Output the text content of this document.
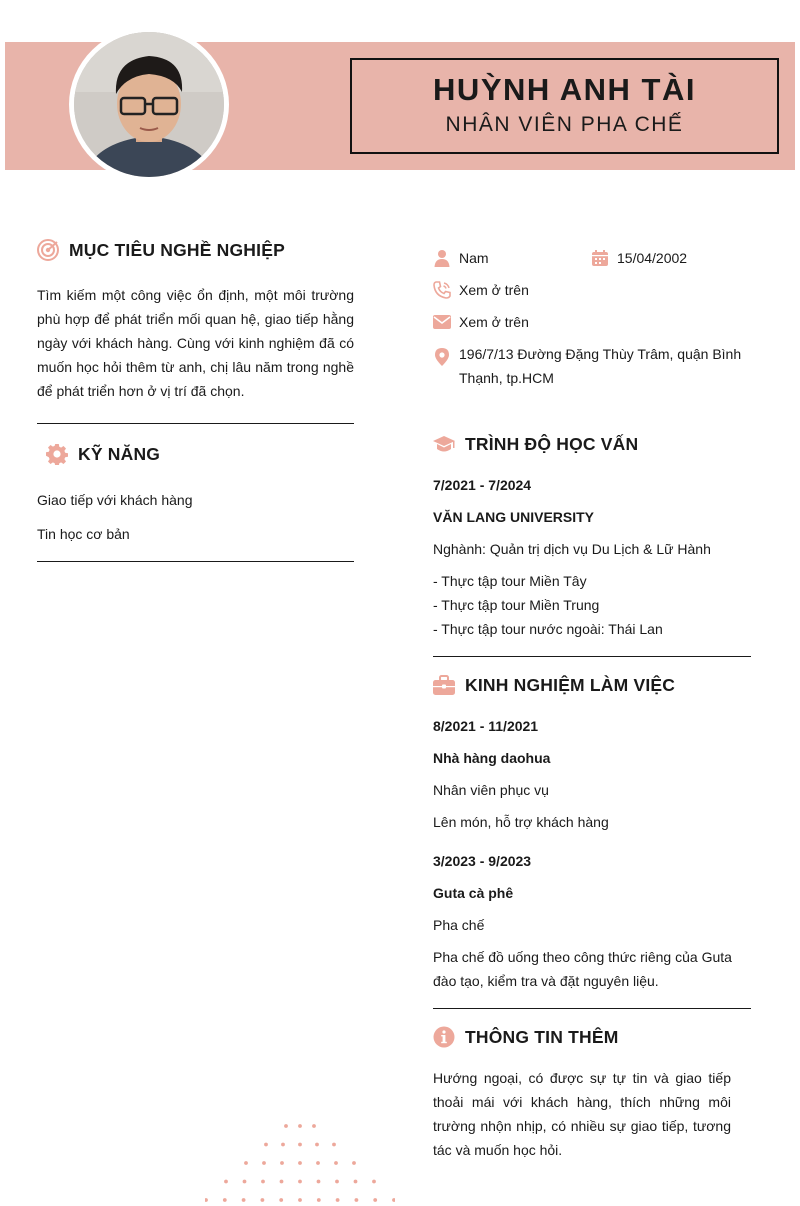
HUỲNH ANH TÀI
NHÂN VIÊN PHA CHẾ
MỤC TIÊU NGHỀ NGHIỆP
Tìm kiếm một công việc ổn định, một môi trường phù hợp để phát triển mối quan hệ, giao tiếp hằng ngày với khách hàng. Cùng với kinh nghiệm đã có muốn học hỏi thêm từ anh, chị lâu năm trong nghề để phát triển hơn ở vị trí đã chọn.
KỸ NĂNG
Giao tiếp với khách hàng
Tin học cơ bản
Nam	15/04/2002
Xem ở trên
Xem ở trên
196/7/13 Đường Đặng Thùy Trâm, quận Bình Thạnh, tp.HCM
TRÌNH ĐỘ HỌC VẤN
7/2021 - 7/2024
VĂN LANG UNIVERSITY
Nghành: Quản trị dịch vụ Du Lịch & Lữ Hành
- Thực tập tour Miền Tây
- Thực tập tour Miền Trung
- Thực tập tour nước ngoài: Thái Lan
KINH NGHIỆM LÀM VIỆC
8/2021 - 11/2021
Nhà hàng daohua
Nhân viên phục vụ
Lên món, hỗ trợ khách hàng
3/2023 - 9/2023
Guta cà phê
Pha chế
Pha chế đồ uống theo công thức riêng của Guta đào tạo, kiểm tra và đặt nguyên liệu.
THÔNG TIN THÊM
Hướng ngoại, có được sự tự tin và giao tiếp thoải mái với khách hàng, thích những môi trường nhộn nhịp, có nhiều sự giao tiếp, tương tác và muốn học hỏi.
